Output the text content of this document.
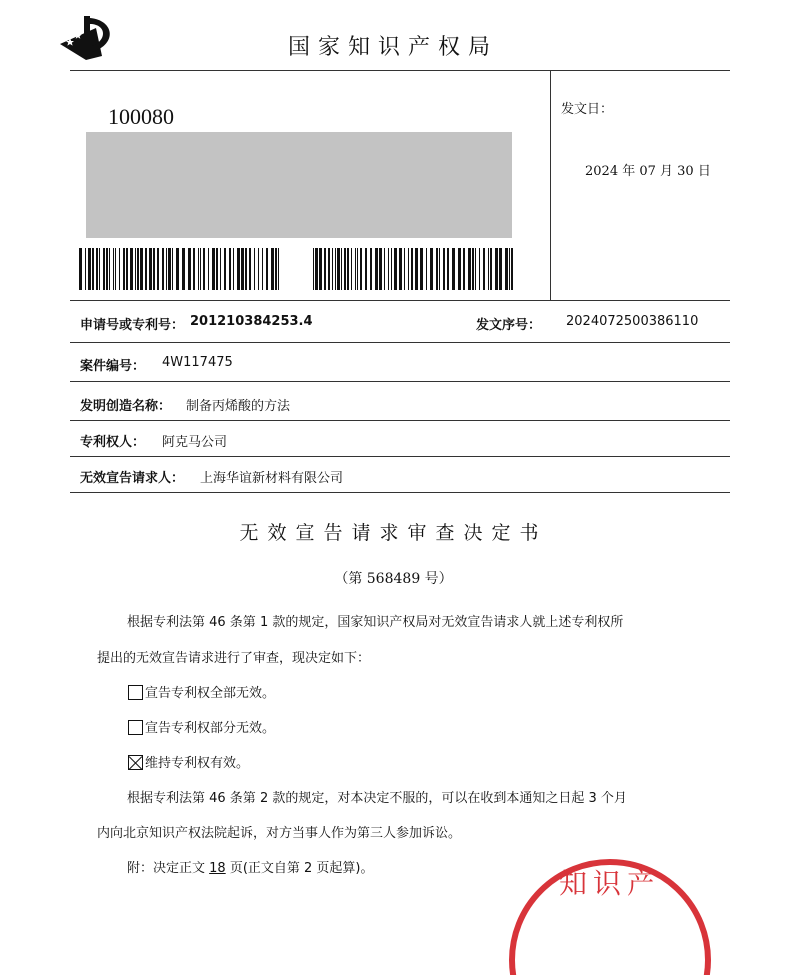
国家知识产权局
100080	发文日：
2024 年 07 月 30 日
申请号或专利号： 201210384253.4	发文序号： 2024072500386110
案件编号： 4W117475
发明创造名称： 制备丙烯酸的方法
专利权人： 阿克马公司
无效宣告请求人： 上海华谊新材料有限公司
无效宣告请求审查决定书
（第 568489 号）
根据专利法第 46 条第 1 款的规定，国家知识产权局对无效宣告请求人就上述专利权所
提出的无效宣告请求进行了审查，现决定如下：
宣告专利权全部无效。
宣告专利权部分无效。
维持专利权有效。
根据专利法第 46 条第 2 款的规定，对本决定不服的，可以在收到本通知之日起 3 个月
内向北京知识产权法院起诉，对方当事人作为第三人参加诉讼。
附：决定正文 18 页(正文自第 2 页起算)。	知识产
